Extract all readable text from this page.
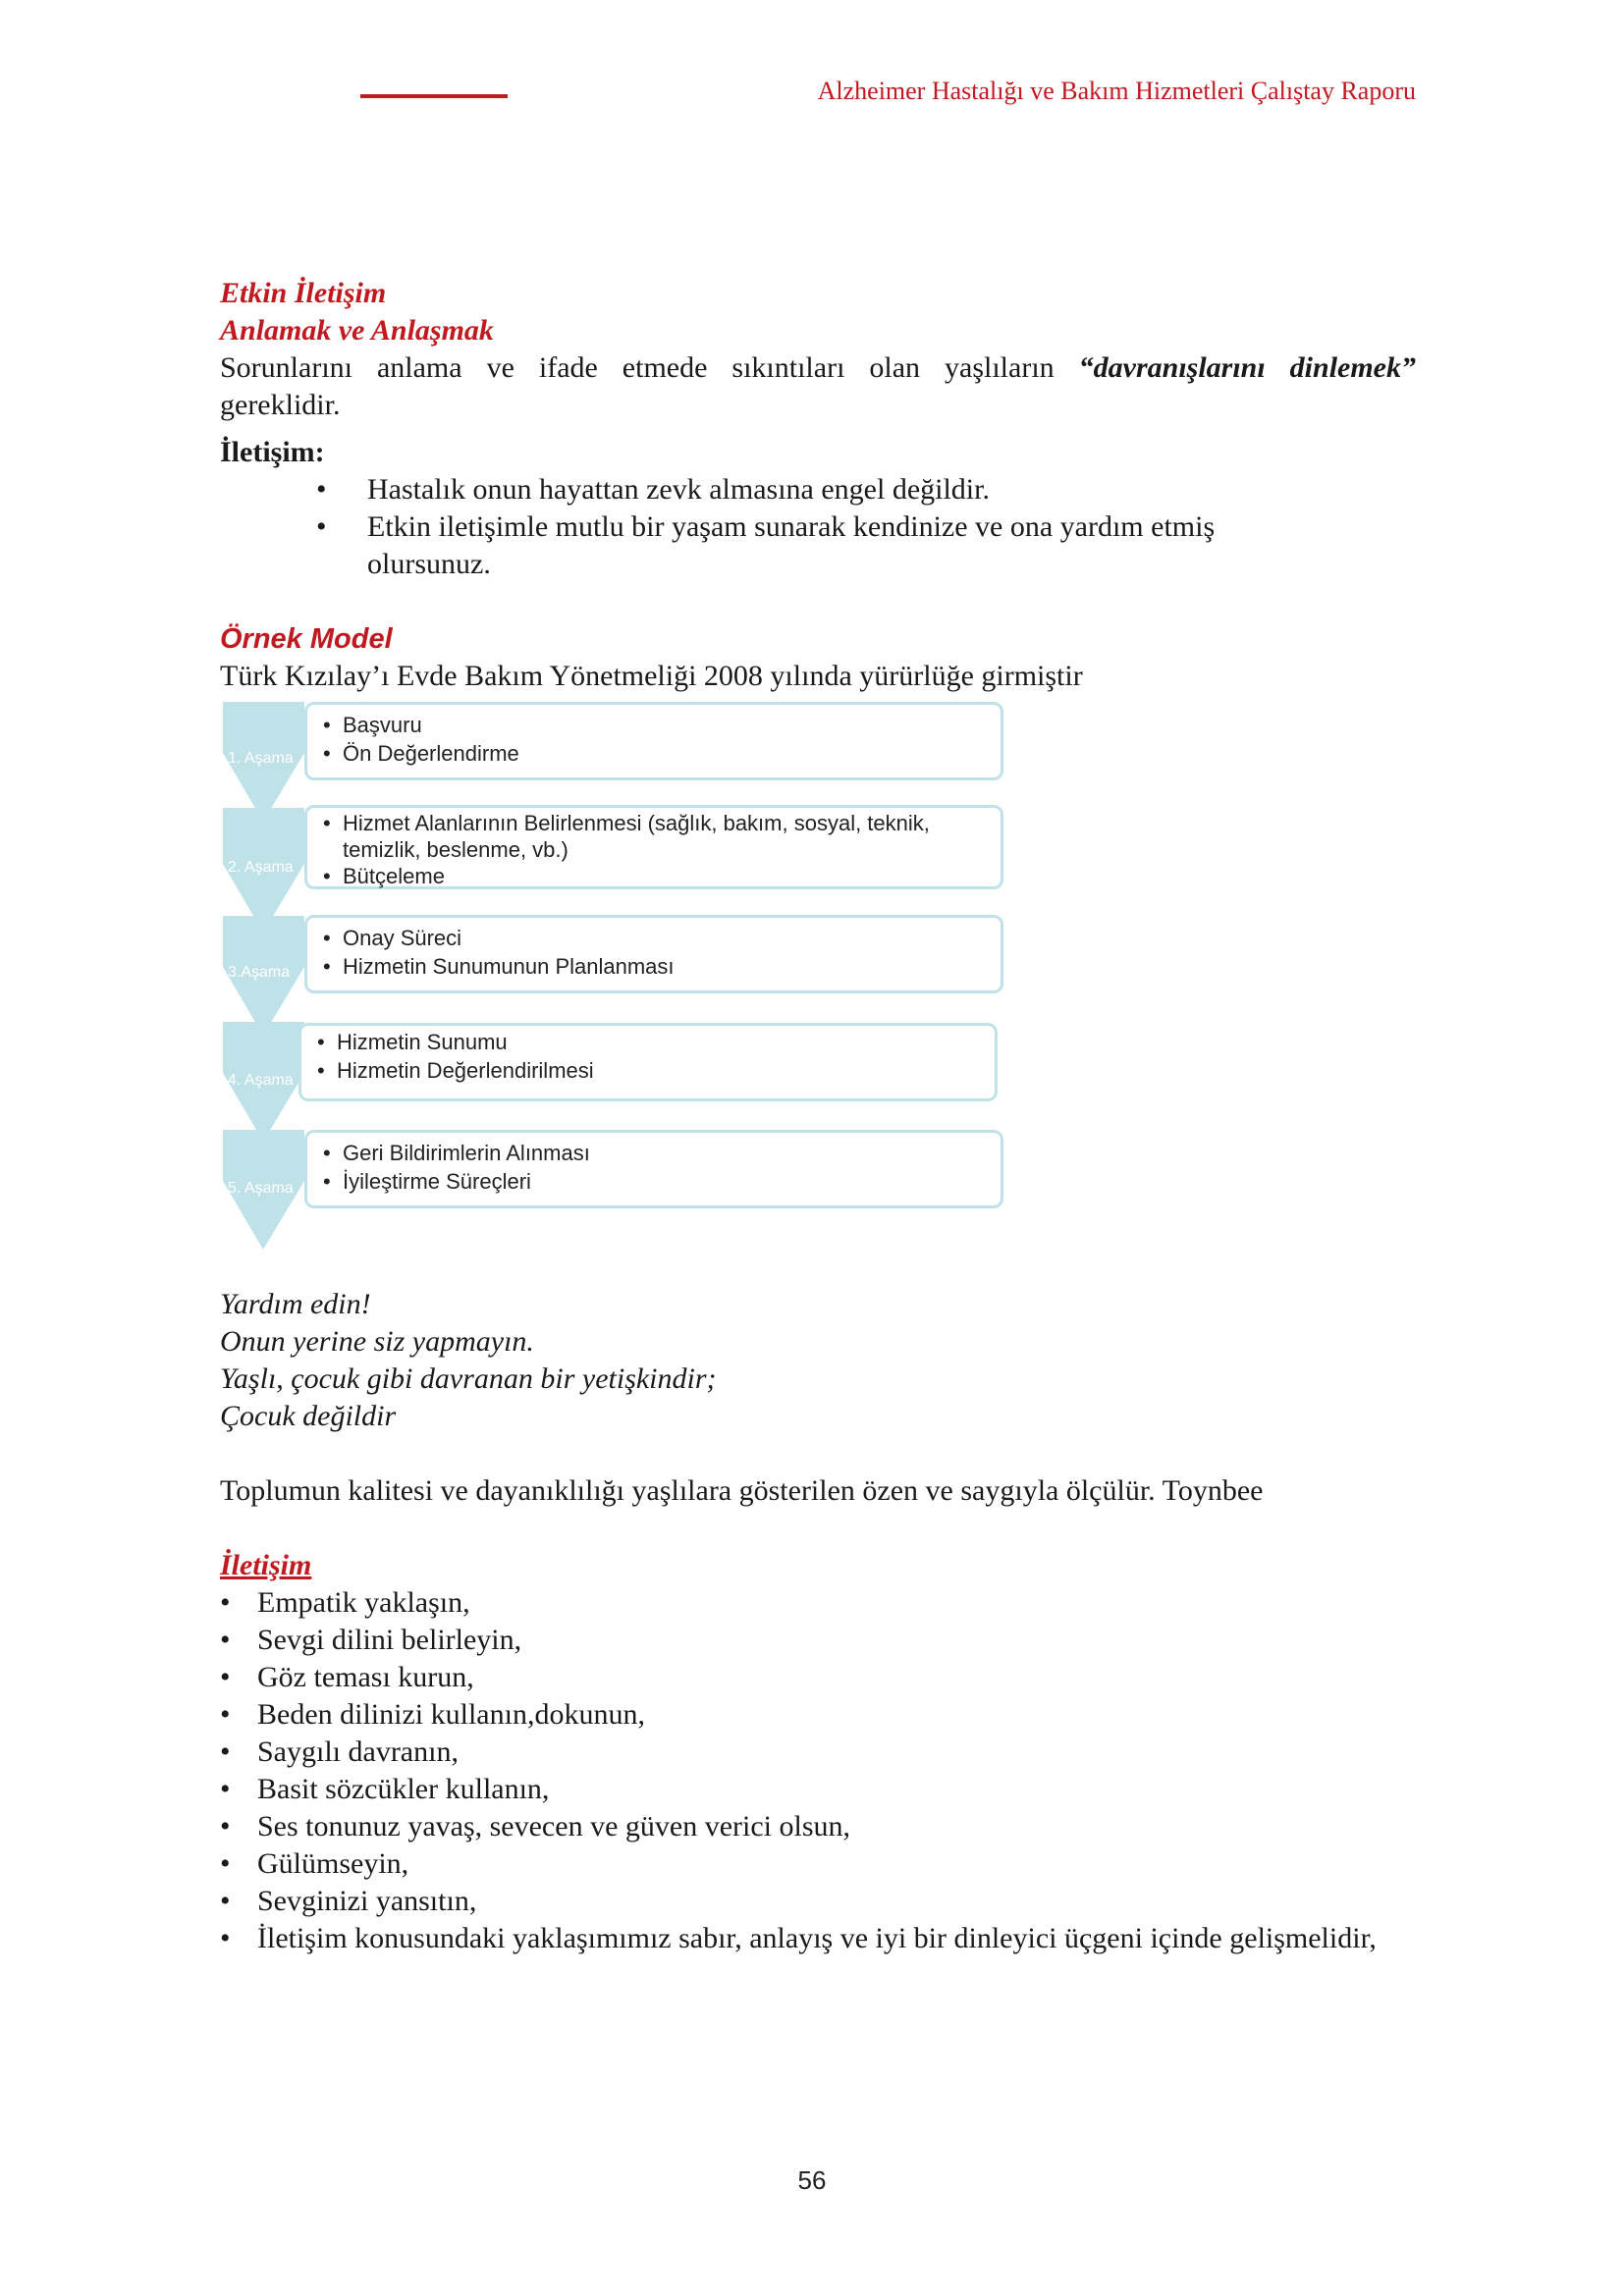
Alzheimer Hastalığı ve Bakım Hizmetleri Çalıştay Raporu
Etkin İletişim
Anlamak ve Anlaşmak

Sorunlarını anlama ve ifade etmede sıkıntıları olan yaşlıların “davranışlarını dinlemek”
gereklidir.

İletişim:
• Hastalık onun hayattan zevk almasına engel değildir.
• Etkin iletişimle mutlu bir yaşam sunarak kendinize ve ona yardım etmiş olursunuz.
Örnek Model
Türk Kızılay’ı Evde Bakım Yönetmeliği 2008 yılında yürürlüğe girmiştir
1. Aşama
• Başvuru
• Ön Değerlendirme
2. Aşama
• Hizmet Alanlarının Belirlenmesi (sağlık, bakım, sosyal, teknik, temizlik, beslenme, vb.)
• Bütçeleme
3.Aşama
• Onay Süreci
• Hizmetin Sunumunun Planlanması
4. Aşama
• Hizmetin Sunumu
• Hizmetin Değerlendirilmesi
5. Aşama
• Geri Bildirimlerin Alınması
• İyileştirme Süreçleri
Yardım edin!
Onun yerine siz yapmayın.
Yaşlı, çocuk gibi davranan bir yetişkindir;
Çocuk değildir
Toplumun kalitesi ve dayanıklılığı yaşlılara gösterilen özen ve saygıyla ölçülür. Toynbee
İletişim
• Empatik yaklaşın,
• Sevgi dilini belirleyin,
• Göz teması kurun,
• Beden dilinizi kullanın,dokunun,
• Saygılı davranın,
• Basit sözcükler kullanın,
• Ses tonunuz yavaş, sevecen ve güven verici olsun,
• Gülümseyin,
• Sevginizi yansıtın,
• İletişim konusundaki yaklaşımımız sabır, anlayış ve iyi bir dinleyici üçgeni içinde gelişmelidir,
56
